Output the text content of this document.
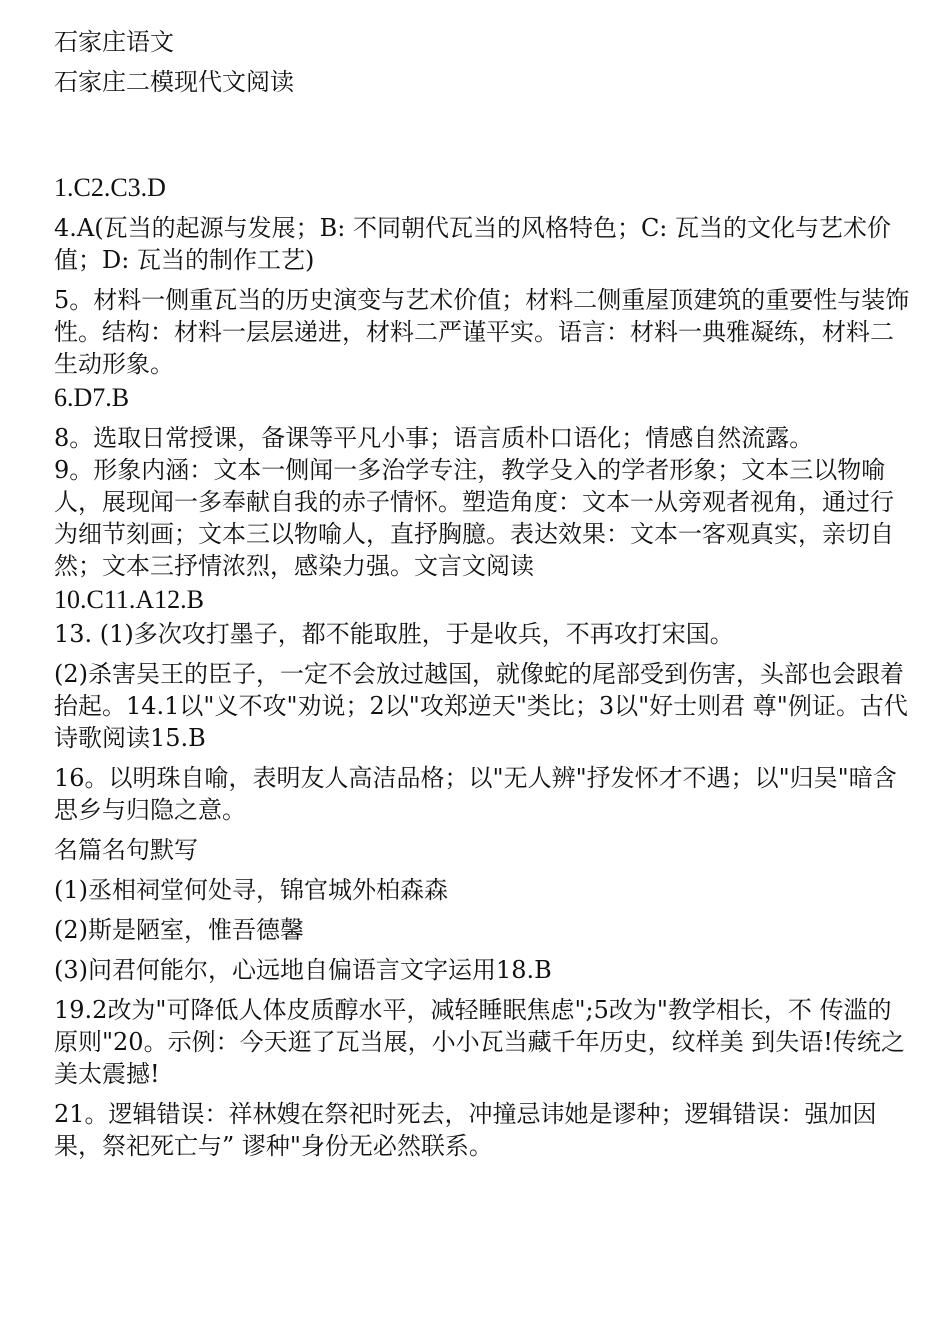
石家庄语文

石家庄二模现代文阅读

1.C2.C3.D

4.A(瓦当的起源与发展；B: 不同朝代瓦当的风格特色；C: 瓦当的文化与艺术价值；D: 瓦当的制作工艺)

5。材料一侧重瓦当的历史演变与艺术价值；材料二侧重屋顶建筑的重要性与装饰性。结构：材料一层层递进，材料二严谨平实。语言：材料一典雅凝练，材料二生动形象。

6.D7.B

8。选取日常授课，备课等平凡小事；语言质朴口语化；情感自然流露。

9。形象内涵：文本一侧闻一多治学专注，教学殳入的学者形象；文本三以物喻人，展现闻一多奉献自我的赤子情怀。塑造角度：文本一从旁观者视角，通过行为细节刻画；文本三以物喻人，直抒胸臆。表达效果：文本一客观真实，亲切自然；文本三抒情浓烈，感染力强。文言文阅读

10.C11.A12.B

13. (1)多次攻打墨子，都不能取胜，于是收兵，不再攻打宋国。

(2)杀害吴王的臣子，一定不会放过越国，就像蛇的尾部受到伤害，头部也会跟着抬起。14.1以"义不攻"劝说；2以"攻郑逆天"类比；3以"好士则君 尊"例证。古代诗歌阅读15.B

16。以明珠自喻，表明友人高洁品格；以"无人辨"抒发怀才不遇；以"归吴"暗含思乡与归隐之意。

名篇名句默写

(1)丞相祠堂何处寻，锦官城外柏森森

(2)斯是陋室，惟吾德馨

(3)问君何能尔，心远地自偏语言文字运用18.B

19.2改为"可降低人体皮质醇水平，减轻睡眠焦虑";5改为"教学相长，不 传滥的原则"20。示例：今天逛了瓦当展，小小瓦当藏千年历史，纹样美 到失语!传统之美太震撼!

21。逻辑错误：祥林嫂在祭祀时死去，冲撞忌讳她是谬种；逻辑错误：强加因果，祭祀死亡与” 谬种"身份无必然联系。
